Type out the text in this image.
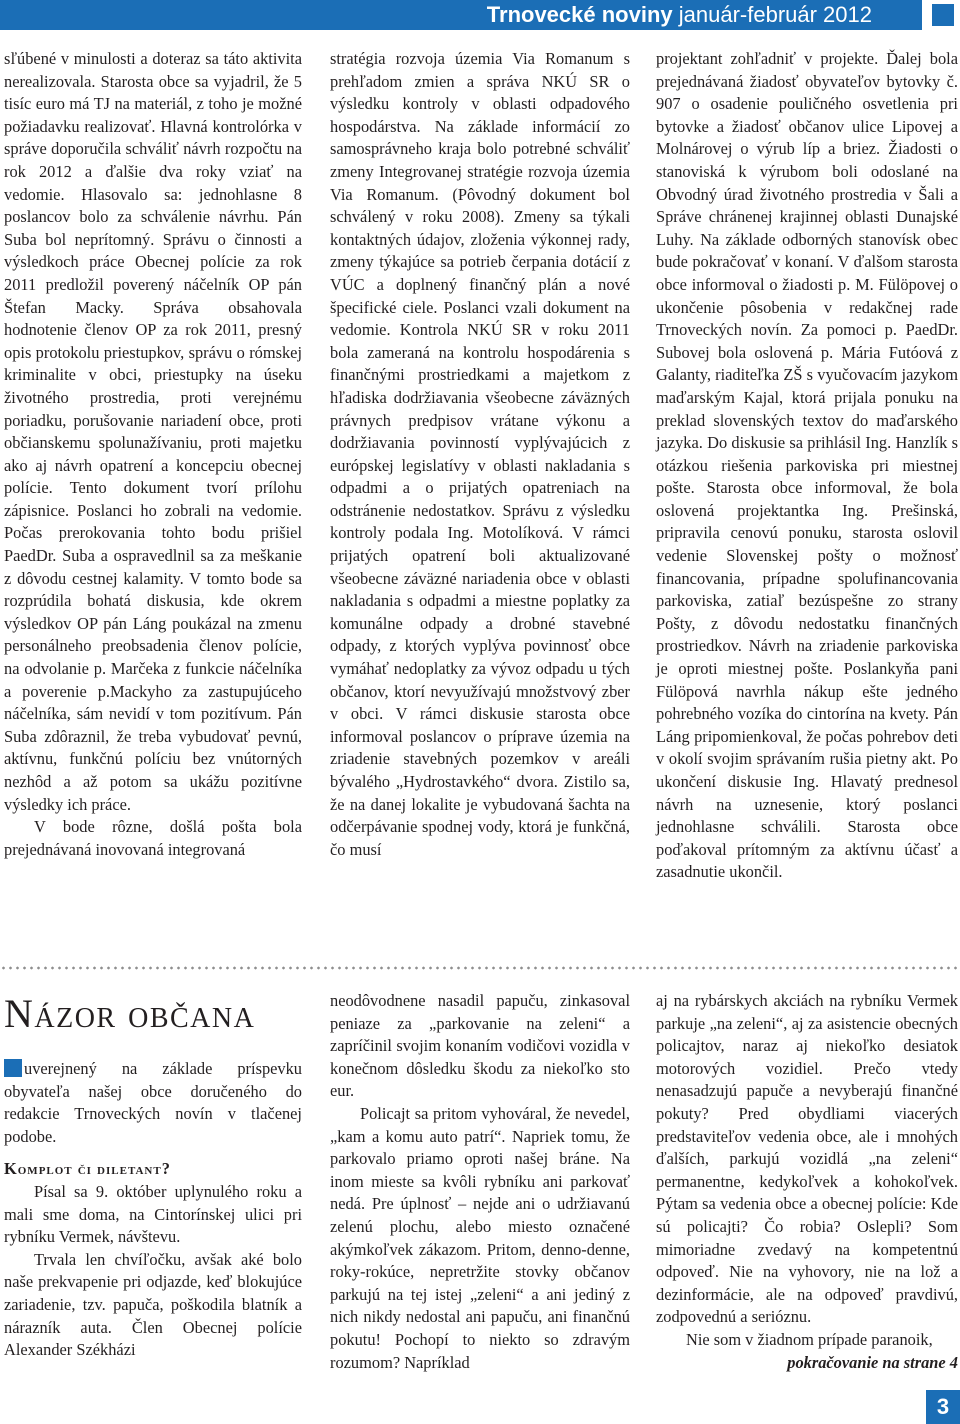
Trnovecké noviny január-február 2012

sľúbené v minulosti a doteraz sa táto aktivita nerealizovala. Starosta obce sa vyjadril, že 5 tisíc euro má TJ na materiál, z toho je možné požiadavku realizovať. Hlavná kontrolórka v správe doporučila schváliť návrh rozpočtu na rok 2012 a ďalšie dva roky vziať na vedomie. Hlasovalo sa: jednohlasne 8 poslancov bolo za schválenie návrhu. Pán Suba bol neprítomný. Správu o činnosti a výsledkoch práce Obecnej polície za rok 2011 predložil poverený náčelník OP pán Štefan Macky. Správa obsahovala hodnotenie členov OP za rok 2011, presný opis protokolu priestupkov, správu o rómskej kriminalite v obci, priestupky na úseku životného prostredia, proti verejnému poriadku, porušovanie nariadení obce, proti občianskemu spolunažívaniu, proti majetku ako aj návrh opatrení a koncepciu obecnej polície. Tento dokument tvorí prílohu zápisnice. Poslanci ho zobrali na vedomie. Počas prerokovania tohto bodu prišiel PaedDr. Suba a ospravedlnil sa za meškanie z dôvodu cestnej kalamity. V tomto bode sa rozprúdila bohatá diskusia, kde okrem výsledkov OP pán Láng poukázal na zmenu personálneho preobsadenia členov polície, na odvolanie p. Marčeka z funkcie náčelníka a poverenie p.Mackyho za zastupujúceho náčelníka, sám nevidí v tom pozitívum. Pán Suba zdôraznil, že treba vybudovať pevnú, aktívnu, funkčnú políciu bez vnútorných nezhôd a až potom sa ukážu pozitívne výsledky ich práce.

V bode rôzne, došlá pošta bola prejednávaná inovovaná integrovaná

stratégia rozvoja územia Via Romanum s prehľadom zmien a správa NKÚ SR o výsledku kontroly v oblasti odpadového hospodárstva. Na základe informácií zo samosprávneho kraja bolo potrebné schváliť zmeny Integrovanej stratégie rozvoja územia Via Romanum. (Pôvodný dokument bol schválený v roku 2008). Zmeny sa týkali kontaktných údajov, zloženia výkonnej rady, zmeny týkajúce sa potrieb čerpania dotácií z VÚC a doplnený finančný plán a nové špecifické ciele. Poslanci vzali dokument na vedomie. Kontrola NKÚ SR v roku 2011 bola zameraná na kontrolu hospodárenia s finančnými prostriedkami a majetkom z hľadiska dodržiavania všeobecne záväzných právnych predpisov vrátane výkonu a dodržiavania povinností vyplývajúcich z európskej legislatívy v oblasti nakladania s odpadmi a o prijatých opatreniach na odstránenie nedostatkov. Správu z výsledku kontroly podala Ing. Motolíková. V rámci prijatých opatrení boli aktualizované všeobecne záväzné nariadenia obce v oblasti nakladania s odpadmi a miestne poplatky za komunálne odpady a drobné stavebné odpady, z ktorých vyplýva povinnosť obce vymáhať nedoplatky za vývoz odpadu u tých občanov, ktorí nevyužívajú množstvový zber v obci. V rámci diskusie starosta obce informoval poslancov o príprave územia na zriadenie stavebných pozemkov v areáli bývalého „Hydrostavkého“ dvora. Zistilo sa, že na danej lokalite je vybudovaná šachta na odčerpávanie spodnej vody, ktorá je funkčná, čo musí

projektant zohľadniť v projekte. Ďalej bola prejednávaná žiadosť obyvateľov bytovky č. 907 o osadenie pouličného osvetlenia pri bytovke a žiadosť občanov ulice Lipovej a Molnárovej o výrub líp a briez. Žiadosti o stanoviská k výrubom boli odoslané na Obvodný úrad životného prostredia v Šali a Správe chránenej krajinnej oblasti Dunajské Luhy. Na základe odborných stanovísk obec bude pokračovať v konaní. V ďalšom starosta obce informoval o žiadosti p. M. Fülöpovej o ukončenie pôsobenia v redakčnej rade Trnoveckých novín. Za pomoci p. PaedDr. Subovej bola oslovená p. Mária Futóová z Galanty, riaditeľka ZŠ s vyučovacím jazykom maďarským Kajal, ktorá prijala ponuku na preklad slovenských textov do maďarského jazyka. Do diskusie sa prihlásil Ing. Hanzlík s otázkou riešenia parkoviska pri miestnej pošte. Starosta obce informoval, že bola oslovená projektantka Ing. Prešinská, pripravila cenovú ponuku, starosta oslovil vedenie Slovenskej pošty o možnosť financovania, prípadne spolufinancovania parkoviska, zatiaľ bezúspešne zo strany Pošty, z dôvodu nedostatku finančných prostriedkov. Návrh na zriadenie parkoviska je oproti miestnej pošte. Poslankyňa pani Fülöpová navrhla nákup ešte jedného pohrebného vozíka do cintorína na kvety. Pán Láng pripomienkoval, že počas pohrebov deti v okolí svojim správaním rušia pietny akt. Po ukončení diskusie Ing. Hlavatý prednesol návrh na uznesenie, ktorý poslanci jednohlasne schválili. Starosta obce poďakoval prítomným za aktívnu účasť a zasadnutie ukončil.

Názor občana

uverejnený na základe príspevku obyvateľa našej obce doručeného do redakcie Trnoveckých novín v tlačenej podobe.

Komplot či diletant?

Písal sa 9. október uplynulého roku a mali sme doma, na Cintorínskej ulici pri rybníku Vermek, návštevu.

Trvala len chvíľočku, avšak aké bolo naše prekvapenie pri odjazde, keď blokujúce zariadenie, tzv. papuča, poškodila blatník a nárazník auta. Člen Obecnej polície Alexander Székházi

neodôvodnene nasadil papuču, zinkasoval peniaze za „parkovanie na zeleni“ a zapríčinil svojim konaním vodičovi vozidla v konečnom dôsledku škodu za niekoľko sto eur.

Policajt sa pritom vyhováral, že nevedel, „kam a komu auto patrí“. Napriek tomu, že parkovalo priamo oproti našej bráne. Na inom mieste sa kvôli rybníku ani parkovať nedá. Pre úplnosť – nejde ani o udržiavanú zelenú plochu, alebo miesto označené akýmkoľvek zákazom. Pritom, denno-denne, roky-rokúce, nepretržite stovky občanov parkujú na tej istej „zeleni“ a ani jediný z nich nikdy nedostal ani papuču, ani finančnú pokutu! Pochopí to niekto so zdravým rozumom? Napríklad

aj na rybárskych akciách na rybníku Vermek parkuje „na zeleni“, aj za asistencie obecných policajtov, naraz aj niekoľko desiatok motorových vozidiel. Prečo vtedy nenasadzujú papuče a nevyberajú finančné pokuty? Pred obydliami viacerých predstaviteľov vedenia obce, ale i mnohých ďalších, parkujú vozidlá „na zeleni“ permanentne, kedykoľvek a kohokoľvek. Pýtam sa vedenia obce a obecnej polície: Kde sú policajti? Čo robia? Oslepli? Som mimoriadne zvedavý na kompetentnú odpoveď. Nie na vyhovory, nie na lož a dezinformácie, ale na odpoveď pravdivú, zodpovednú a serióznu.

Nie som v žiadnom prípade paranoik,

pokračovanie na strane 4

3
